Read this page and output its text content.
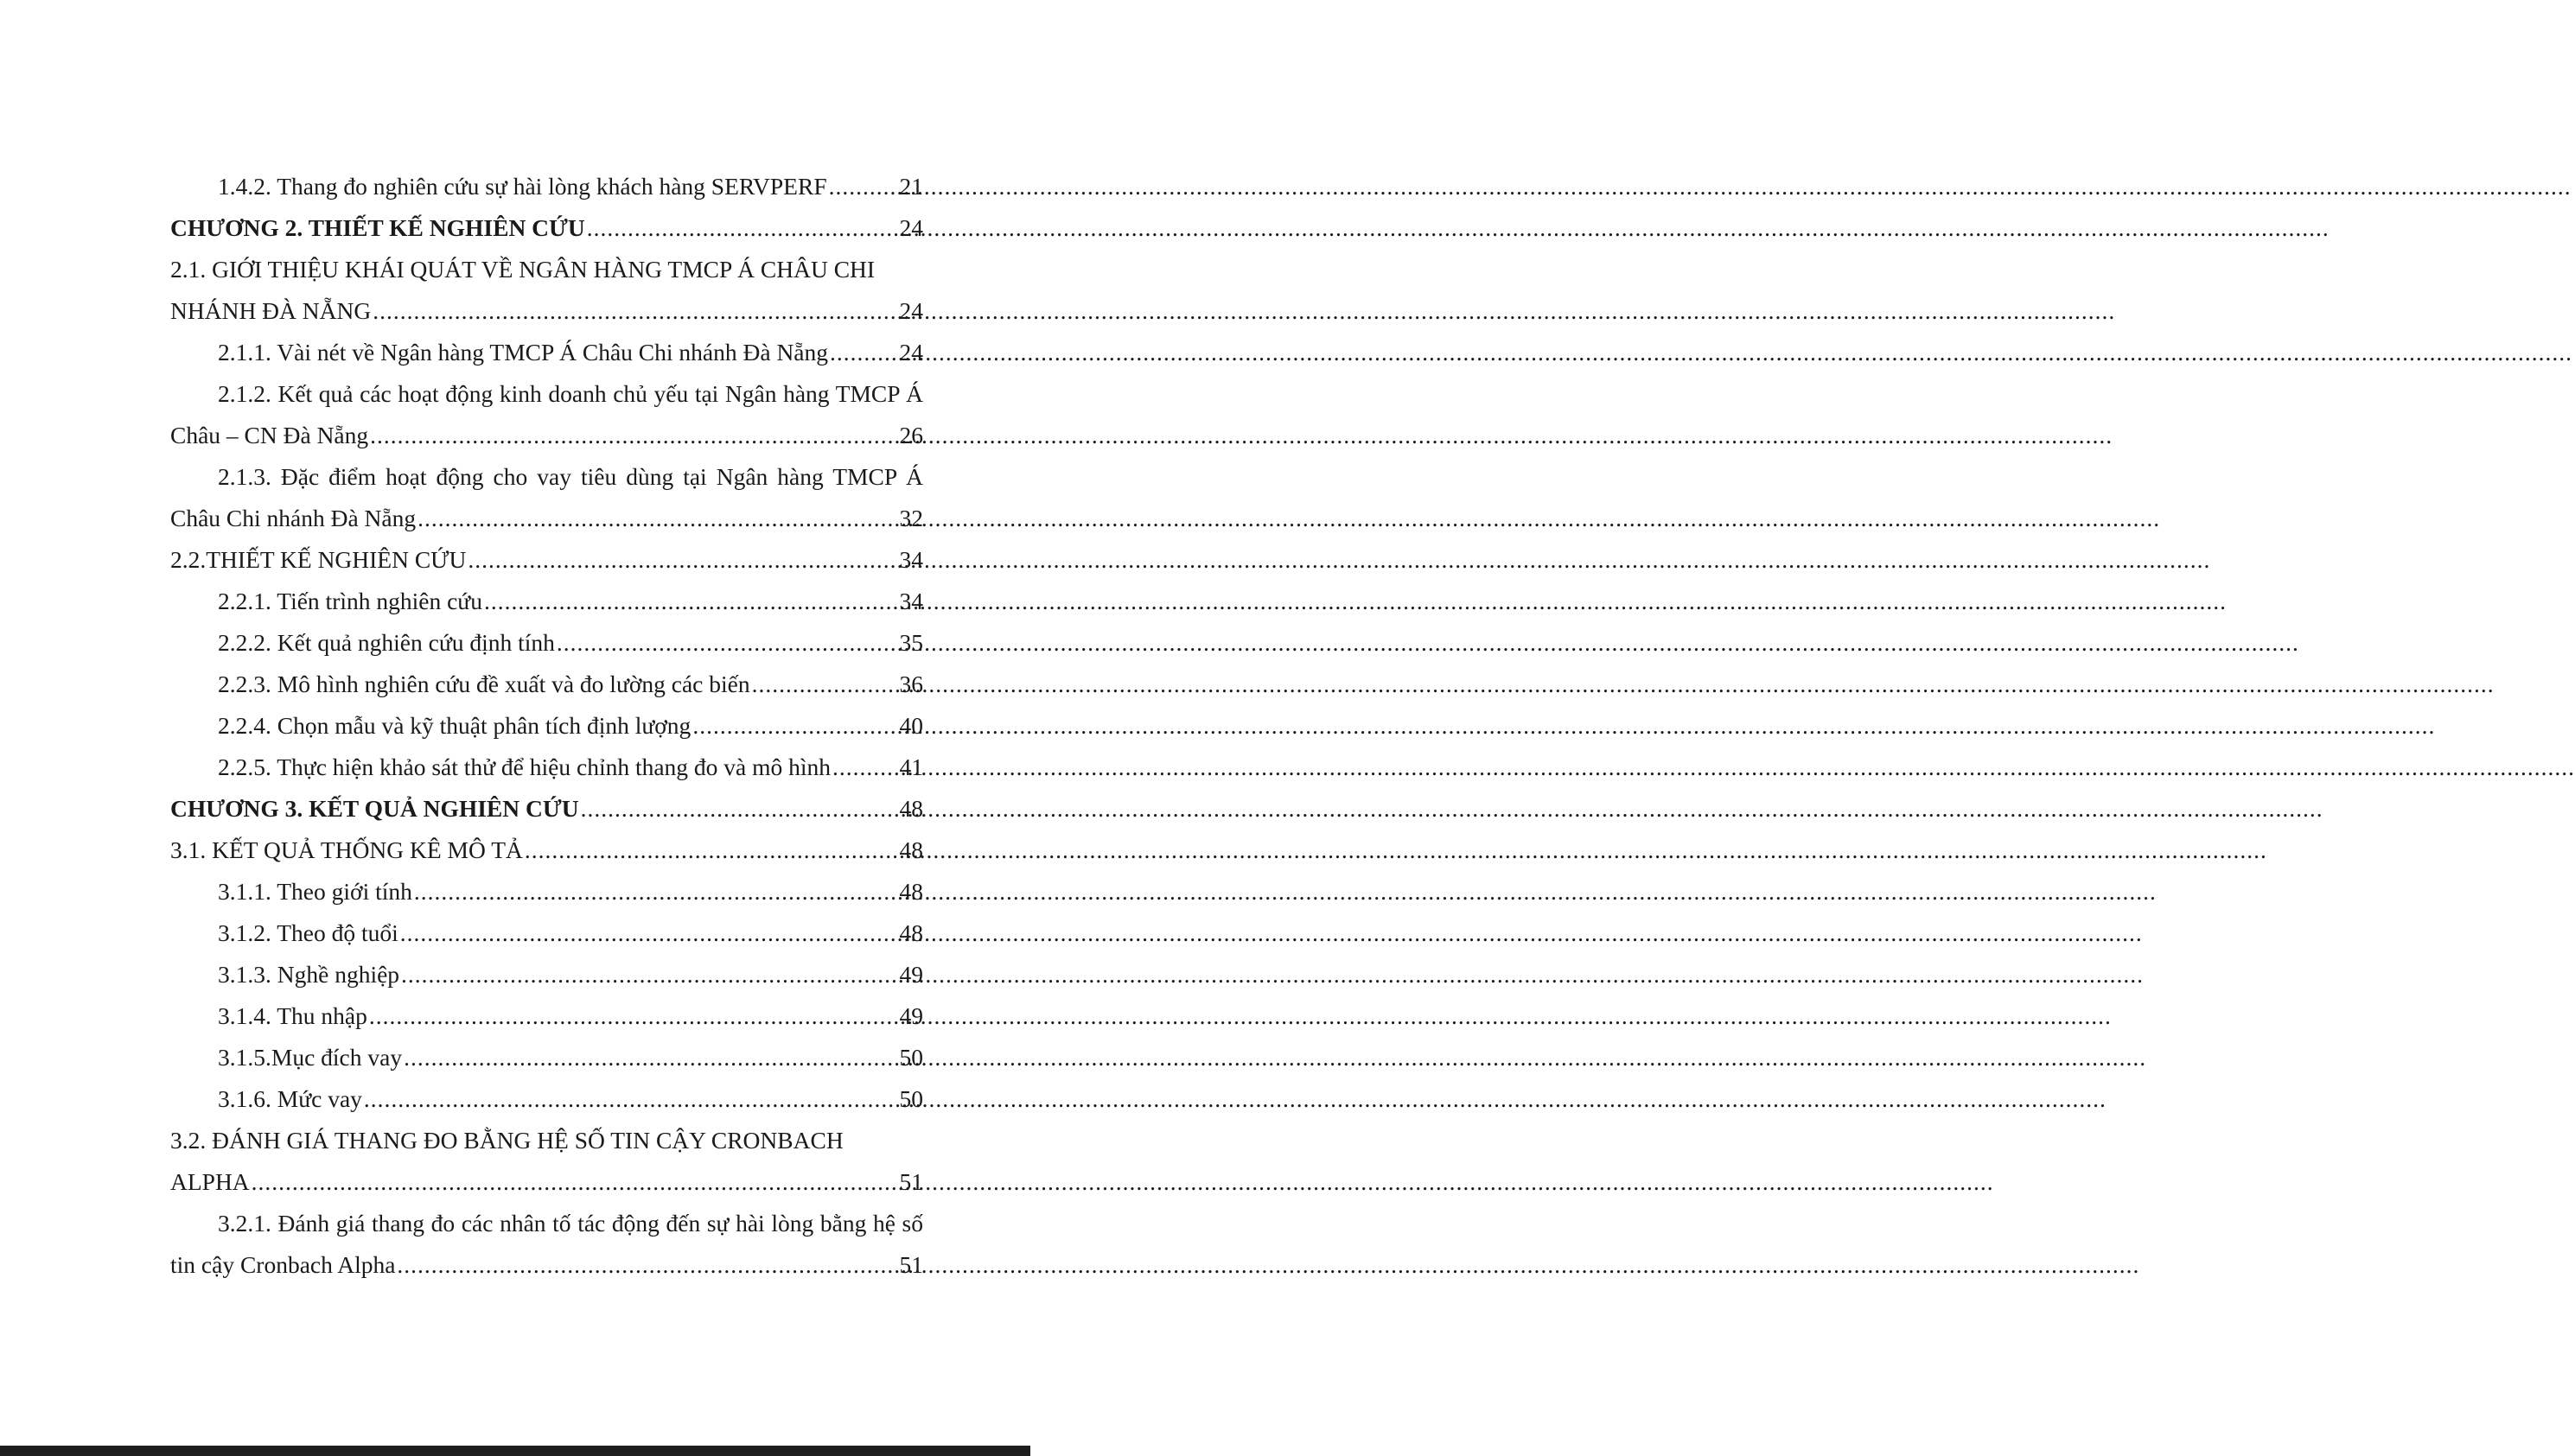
1.4.2. Thang đo nghiên cứu sự hài lòng khách hàng SERVPERF .....	21
CHƯƠNG 2. THIẾT KẾ NGHIÊN CỨU .....	24
2.1. GIỚI THIỆU KHÁI QUÁT VỀ NGÂN HÀNG TMCP Á CHÂU CHI
NHÁNH ĐÀ NẴNG .....	24
2.1.1. Vài nét về Ngân hàng TMCP Á Châu Chi nhánh Đà Nẵng .....	24
2.1.2. Kết quả các hoạt động kinh doanh chủ yếu tại Ngân hàng TMCP Á
Châu – CN Đà Nẵng .....	26
2.1.3. Đặc điểm hoạt động cho vay tiêu dùng tại Ngân hàng TMCP Á
Châu Chi nhánh Đà Nẵng .....	32
2.2.THIẾT KẾ NGHIÊN CỨU .....	34
2.2.1. Tiến trình nghiên cứu .....	34
2.2.2. Kết quả nghiên cứu định tính .....	35
2.2.3. Mô hình nghiên cứu đề xuất và đo lường các biến .....	36
2.2.4. Chọn mẫu và kỹ thuật phân tích định lượng .....	40
2.2.5. Thực hiện khảo sát thử để hiệu chỉnh thang đo và mô hình .....	41
CHƯƠNG 3. KẾT QUẢ NGHIÊN CỨU .....	48
3.1. KẾT QUẢ THỐNG KÊ MÔ TẢ .....	48
3.1.1. Theo giới tính .....	48
3.1.2. Theo độ tuổi .....	48
3.1.3. Nghề nghiệp .....	49
3.1.4. Thu nhập .....	49
3.1.5.Mục đích vay .....	50
3.1.6. Mức vay .....	50
3.2. ĐÁNH GIÁ THANG ĐO BẰNG HỆ SỐ TIN CẬY CRONBACH
ALPHA .....	51
3.2.1. Đánh giá thang đo các nhân tố tác động đến sự hài lòng bằng hệ số
tin cậy Cronbach Alpha .....	51
